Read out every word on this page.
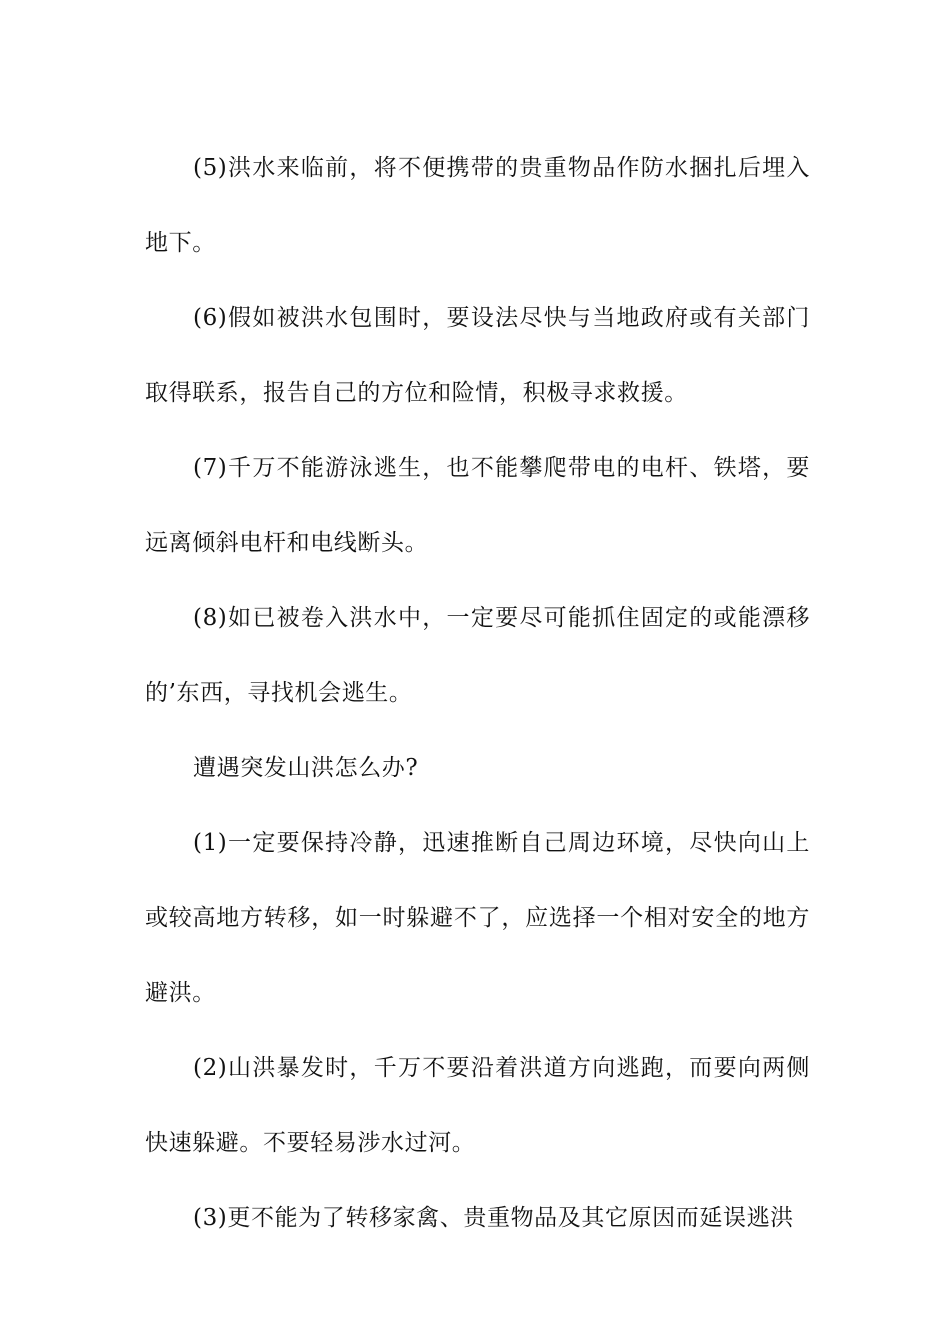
(5)洪水来临前，将不便携带的贵重物品作防水捆扎后埋入地下。

(6)假如被洪水包围时，要设法尽快与当地政府或有关部门取得联系，报告自己的方位和险情，积极寻求救援。

(7)千万不能游泳逃生，也不能攀爬带电的电杆、铁塔，要远离倾斜电杆和电线断头。

(8)如已被卷入洪水中，一定要尽可能抓住固定的或能漂移的’东西，寻找机会逃生。

遭遇突发山洪怎么办?

(1)一定要保持冷静，迅速推断自己周边环境，尽快向山上或较高地方转移，如一时躲避不了，应选择一个相对安全的地方避洪。

(2)山洪暴发时，千万不要沿着洪道方向逃跑，而要向两侧快速躲避。不要轻易涉水过河。

(3)更不能为了转移家禽、贵重物品及其它原因而延误逃洪
